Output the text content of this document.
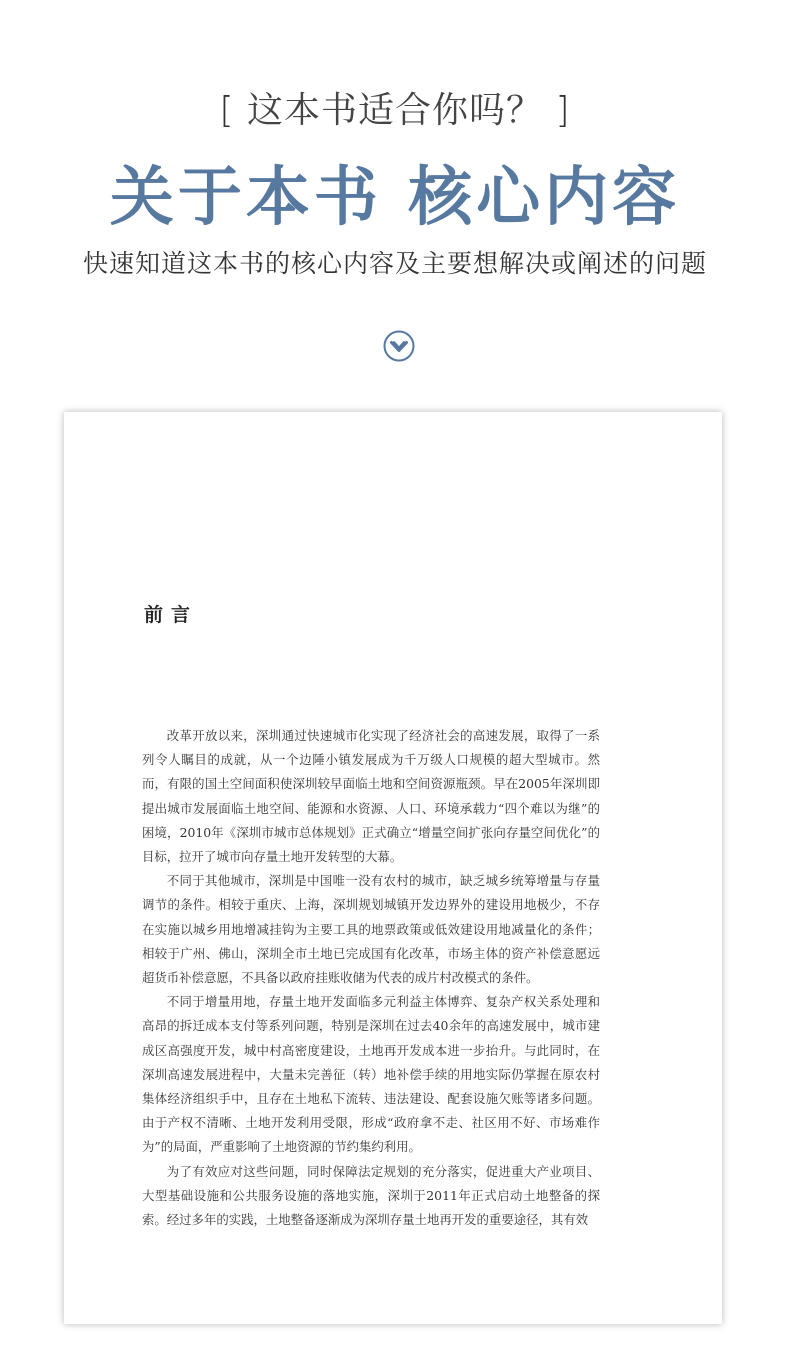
[ 这本书适合你吗？ ]
关于本书 核心内容
快速知道这本书的核心内容及主要想解决或阐述的问题
前言

改革开放以来，深圳通过快速城市化实现了经济社会的高速发展，取得了一系列令人瞩目的成就，从一个边陲小镇发展成为千万级人口规模的超大型城市。然而，有限的国土空间面积使深圳较早面临土地和空间资源瓶颈。早在2005年深圳即提出城市发展面临土地空间、能源和水资源、人口、环境承载力“四个难以为继”的困境，2010年《深圳市城市总体规划》正式确立“增量空间扩张向存量空间优化”的目标，拉开了城市向存量土地开发转型的大幕。

不同于其他城市，深圳是中国唯一没有农村的城市，缺乏城乡统筹增量与存量调节的条件。相较于重庆、上海，深圳规划城镇开发边界外的建设用地极少，不存在实施以城乡用地增减挂钩为主要工具的地票政策或低效建设用地减量化的条件；相较于广州、佛山，深圳全市土地已完成国有化改革，市场主体的资产补偿意愿远超货币补偿意愿，不具备以政府挂账收储为代表的成片村改模式的条件。

不同于增量用地，存量土地开发面临多元利益主体博弈、复杂产权关系处理和高昂的拆迁成本支付等系列问题，特别是深圳在过去40余年的高速发展中，城市建成区高强度开发，城中村高密度建设，土地再开发成本进一步抬升。与此同时，在深圳高速发展进程中，大量未完善征（转）地补偿手续的用地实际仍掌握在原农村集体经济组织手中，且存在土地私下流转、违法建设、配套设施欠账等诸多问题。由于产权不清晰、土地开发利用受限，形成“政府拿不走、社区用不好、市场难作为”的局面，严重影响了土地资源的节约集约利用。

为了有效应对这些问题，同时保障法定规划的充分落实，促进重大产业项目、大型基础设施和公共服务设施的落地实施，深圳于2011年正式启动土地整备的探索。经过多年的实践，土地整备逐渐成为深圳存量土地再开发的重要途径，其有效
